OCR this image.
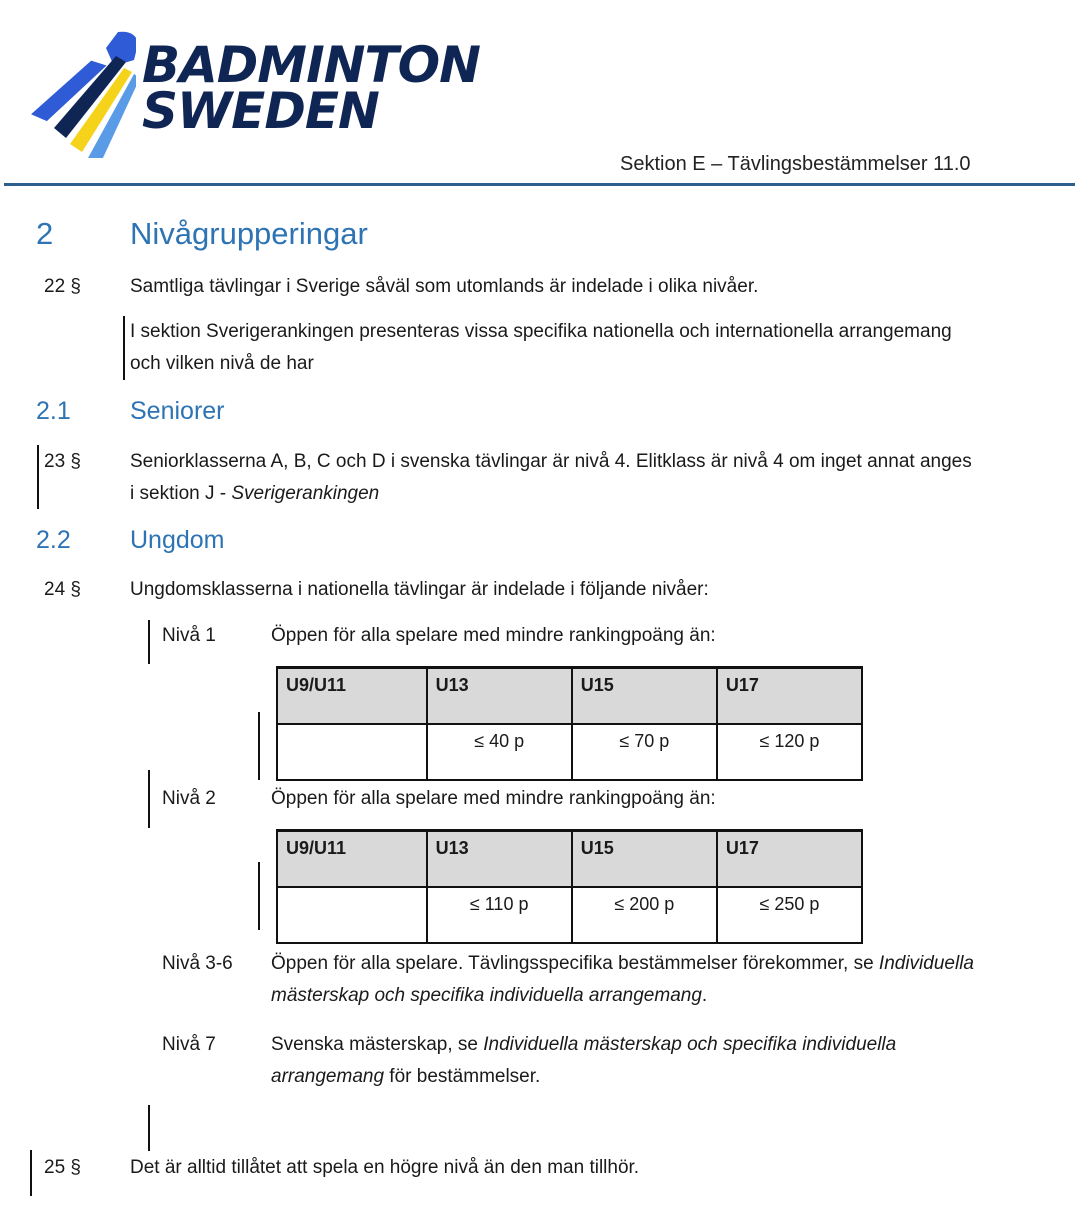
BADMINTON
SWEDEN
Sektion E – Tävlingsbestämmelser 11.0
2 Nivågrupperingar
22 §	Samtliga tävlingar i Sverige såväl som utomlands är indelade i olika nivåer.
I sektion Sverigerankingen presenteras vissa specifika nationella och internationella arrangemang och vilken nivå de har
2.1 Seniorer
23 §	Seniorklasserna A, B, C och D i svenska tävlingar är nivå 4. Elitklass är nivå 4 om inget annat anges i sektion J - Sverigerankingen
2.2 Ungdom
24 §	Ungdomsklasserna i nationella tävlingar är indelade i följande nivåer:
Nivå 1	Öppen för alla spelare med mindre rankingpoäng än:
U9/U11	U13	U15	U17
	≤ 40 p	≤ 70 p	≤ 120 p
Nivå 2	Öppen för alla spelare med mindre rankingpoäng än:
U9/U11	U13	U15	U17
	≤ 110 p	≤ 200 p	≤ 250 p
Nivå 3-6 Öppen för alla spelare. Tävlingsspecifika bestämmelser förekommer, se Individuella mästerskap och specifika individuella arrangemang.
Nivå 7	Svenska mästerskap, se Individuella mästerskap och specifika individuella arrangemang för bestämmelser.
25 §	Det är alltid tillåtet att spela en högre nivå än den man tillhör.
